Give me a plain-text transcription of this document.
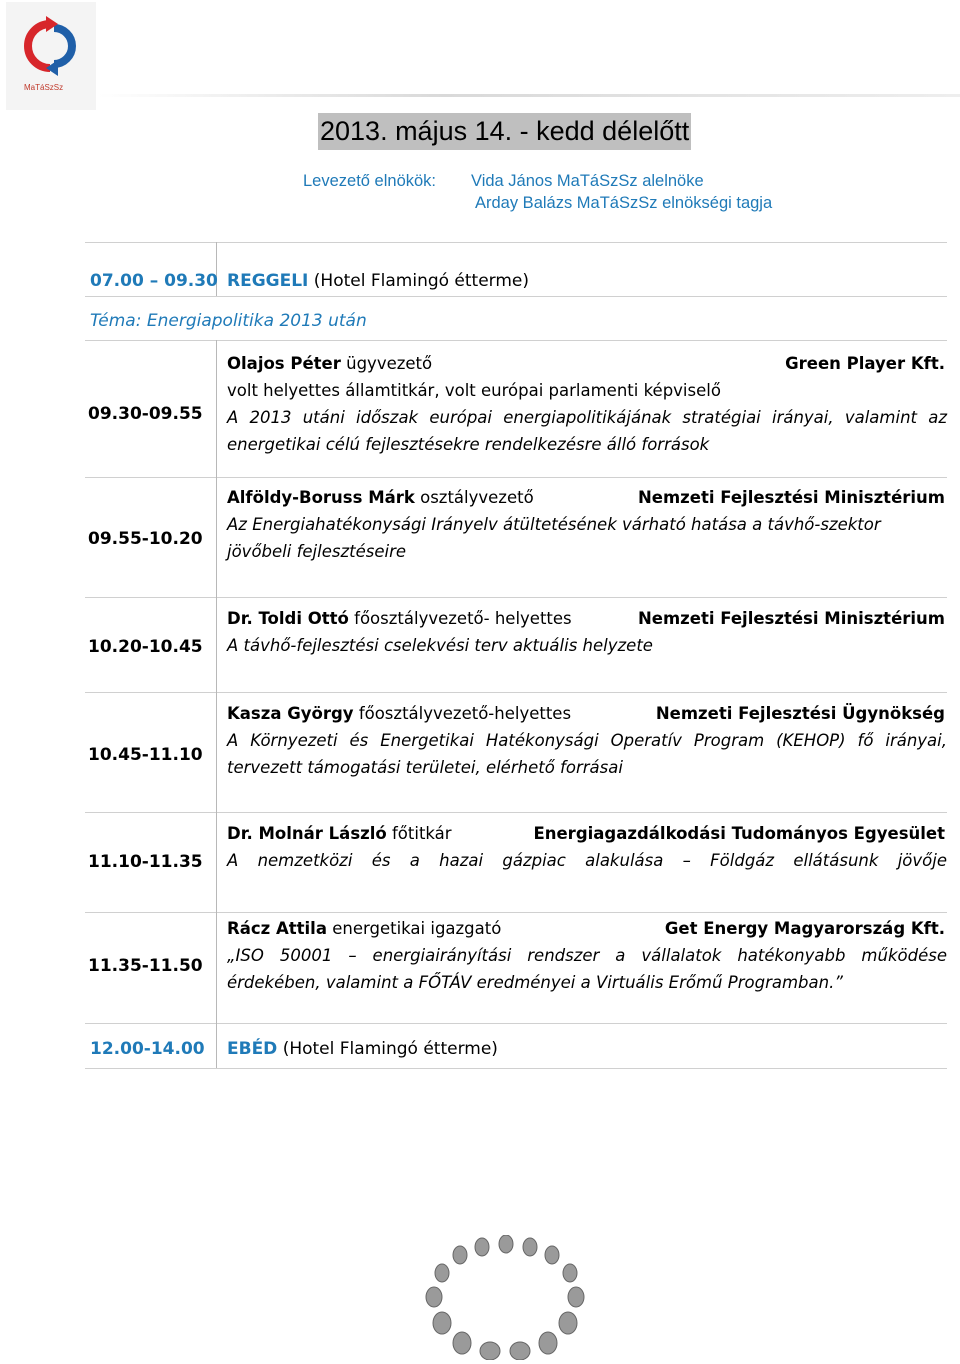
MaTáSzSz
2013. május 14. - kedd délelőtt
Levezető elnökök: Vida János MaTáSzSz alelnöke
Arday Balázs MaTáSzSz elnökségi tagja
07.00 – 09.30 REGGELI (Hotel Flamingó étterme)
Téma: Energiapolitika 2013 után
09.30-09.55
Olajos Péter ügyvezető	Green Player Kft.
volt helyettes államtitkár, volt európai parlamenti képviselő
A 2013 utáni időszak európai energiapolitikájának stratégiai irányai, valamint az energetikai célú fejlesztésekre rendelkezésre álló források
09.55-10.20
Alföldy-Boruss Márk osztályvezető	Nemzeti Fejlesztési Minisztérium
Az Energiahatékonysági Irányelv átültetésének várható hatása a távhő-szektor jövőbeli fejlesztéseire
10.20-10.45
Dr. Toldi Ottó főosztályvezető- helyettes	Nemzeti Fejlesztési Minisztérium
A távhő-fejlesztési cselekvési terv aktuális helyzete
10.45-11.10
Kasza György főosztályvezető-helyettes	Nemzeti Fejlesztési Ügynökség
A Környezeti és Energetikai Hatékonysági Operatív Program (KEHOP) fő irányai, tervezett támogatási területei, elérhető forrásai
11.10-11.35
Dr. Molnár László főtitkár	Energiagazdálkodási Tudományos Egyesület
A nemzetközi és a hazai gázpiac alakulása – Földgáz ellátásunk jövője
11.35-11.50
Rácz Attila energetikai igazgató	Get Energy Magyarország Kft.
„ISO 50001 – energiairányítási rendszer a vállalatok hatékonyabb működése érdekében, valamint a FŐTÁV eredményei a Virtuális Erőmű Programban.”
12.00-14.00 EBÉD (Hotel Flamingó étterme)
